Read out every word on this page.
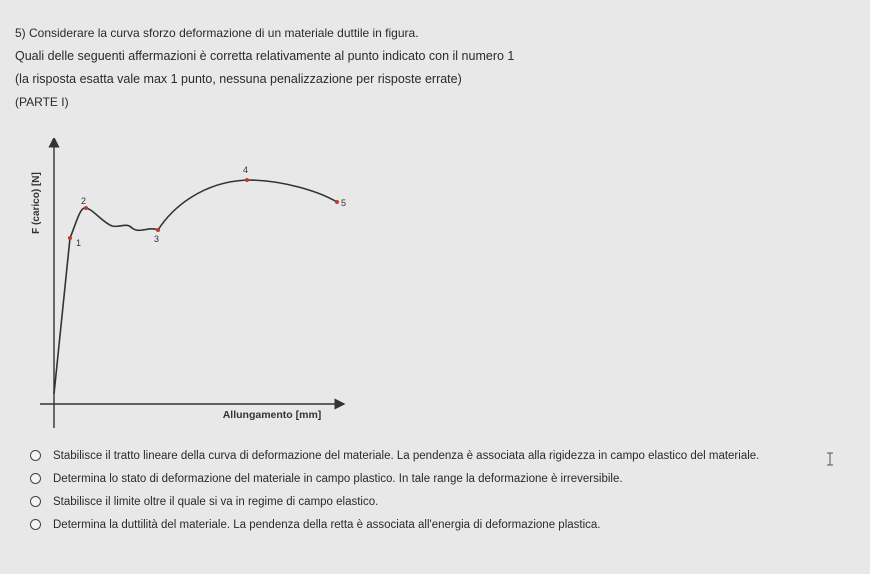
5) Considerare la curva sforzo deformazione di un materiale duttile in figura.
Quali delle seguenti affermazioni è corretta relativamente al punto indicato con il numero 1
(la risposta esatta vale max 1 punto, nessuna penalizzazione per risposte errate)
(PARTE I)
F (carico) [N]
Allungamento [mm]
1
2
3
4
5
Stabilisce il tratto lineare della curva di deformazione del materiale. La pendenza è associata alla rigidezza in campo elastico del materiale.
Determina lo stato di deformazione del materiale in campo plastico. In tale range la deformazione è irreversibile.
Stabilisce il limite oltre il quale si va in regime di campo elastico.
Determina la duttilità del materiale. La pendenza della retta è associata all'energia di deformazione plastica.
